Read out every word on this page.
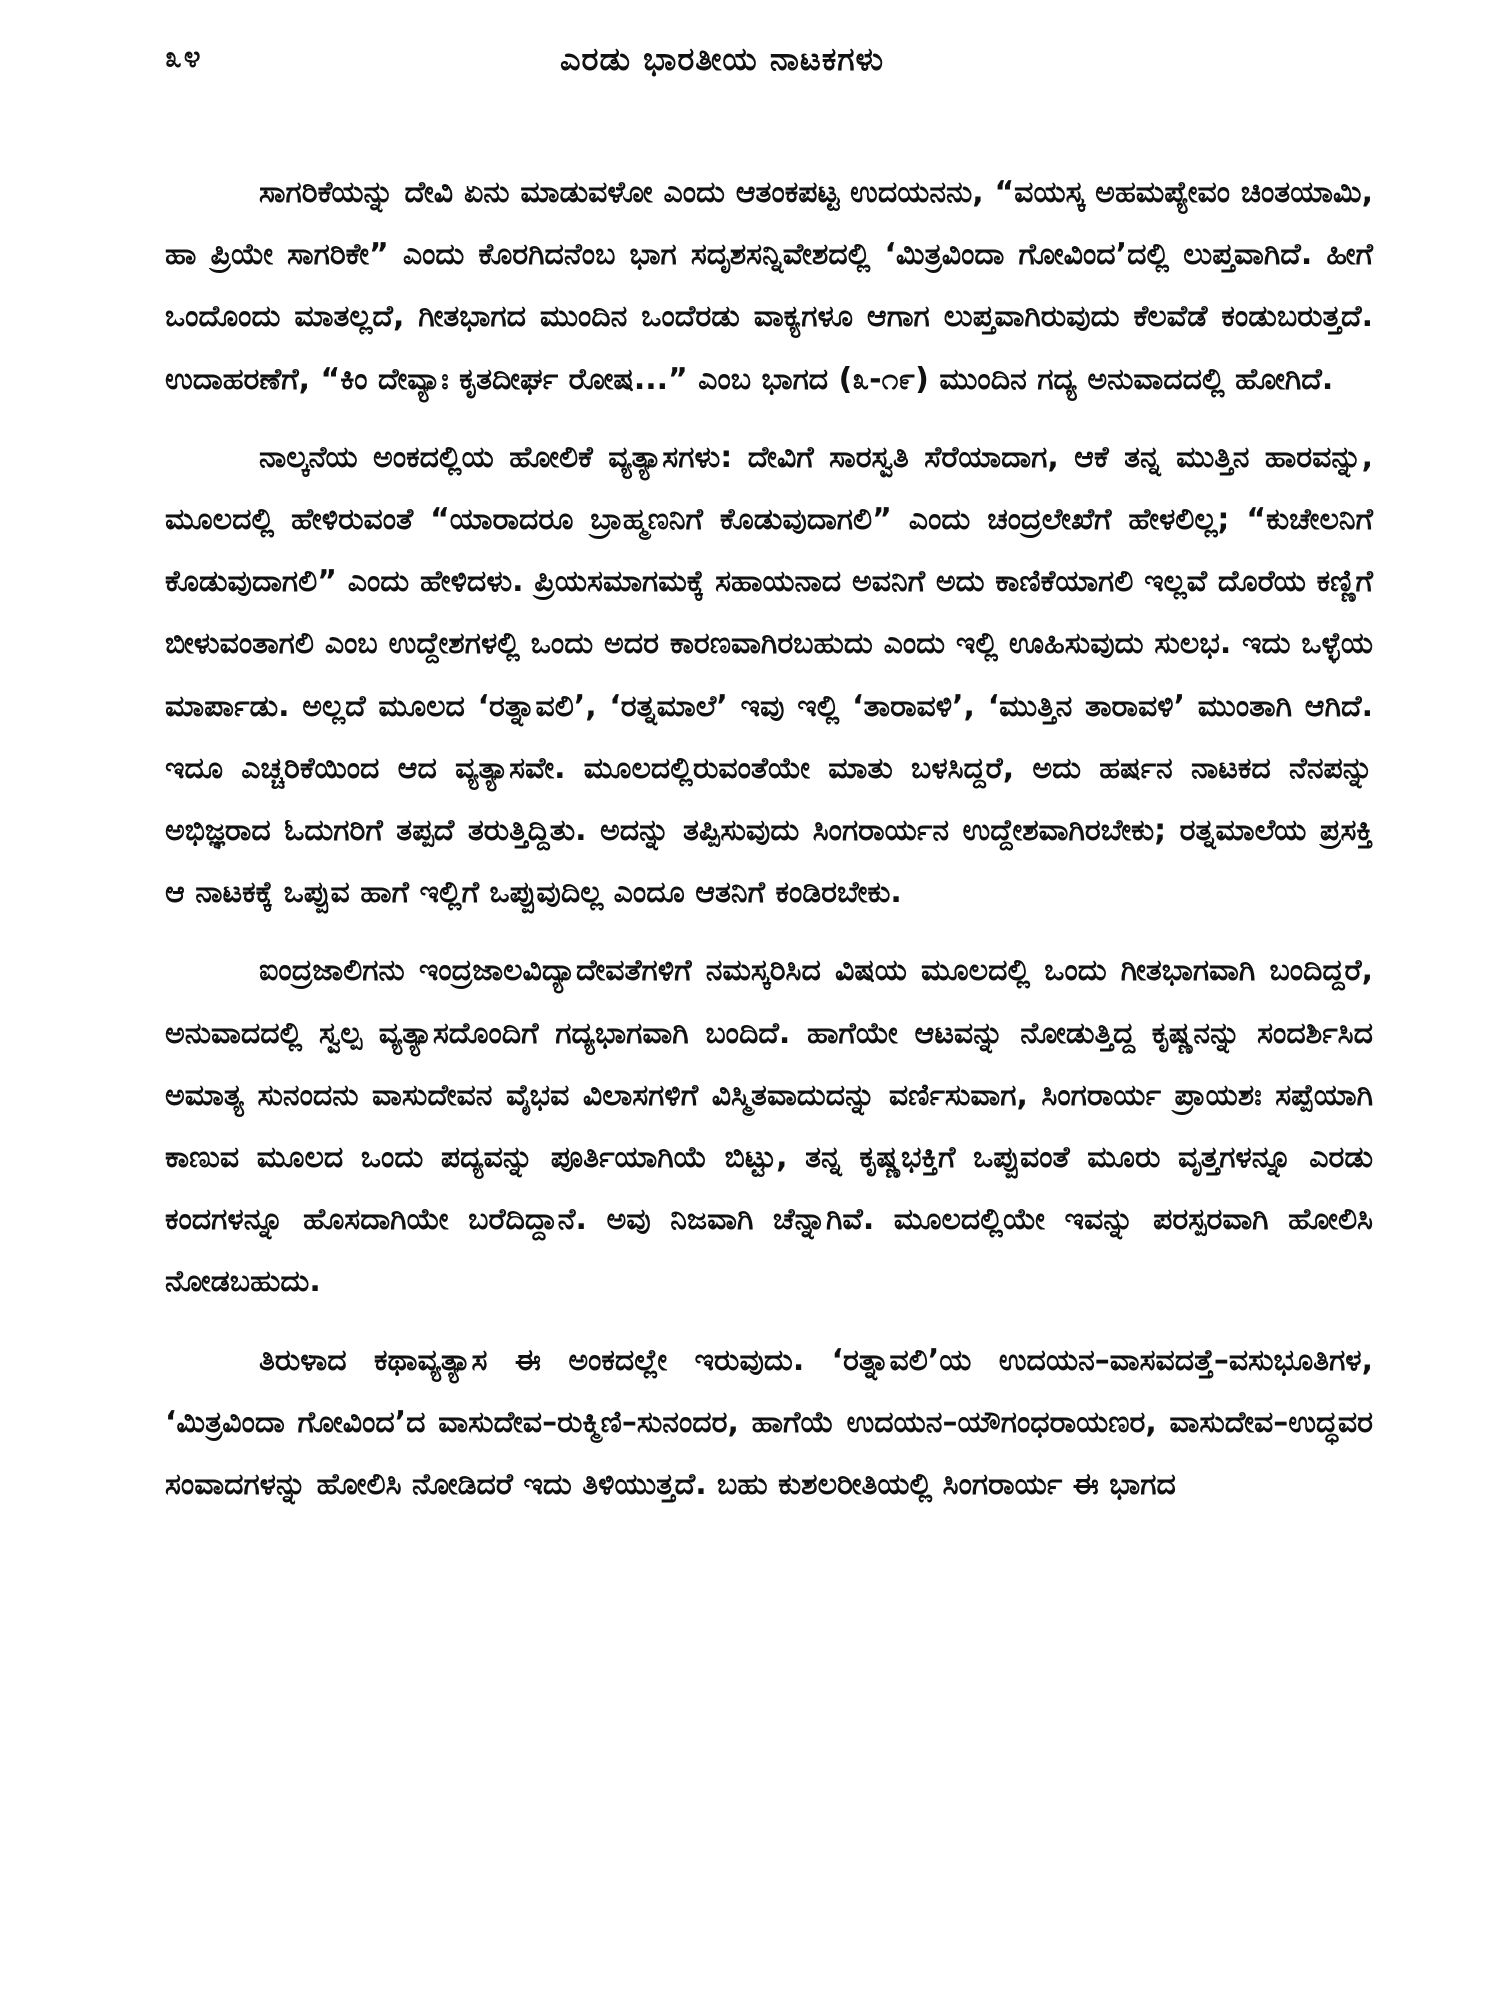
೩೪	ಎರಡು ಭಾರತೀಯ ನಾಟಕಗಳು

ಸಾಗರಿಕೆಯನ್ನು ದೇವಿ ಏನು ಮಾಡುವಳೋ ಎಂದು ಆತಂಕಪಟ್ಟ ಉದಯನನು, “ವಯಸ್ಕ ಅಹಮಪ್ಯೇವಂ ಚಿಂತಯಾಮಿ, ಹಾ ಪ್ರಿಯೇ ಸಾಗರಿಕೇ” ಎಂದು ಕೊರಗಿದನೆಂಬ ಭಾಗ ಸದೃಶಸನ್ನಿವೇಶದಲ್ಲಿ ‘ಮಿತ್ರವಿಂದಾ ಗೋವಿಂದ’ದಲ್ಲಿ ಲುಪ್ತವಾಗಿದೆ. ಹೀಗೆ ಒಂದೊಂದು ಮಾತಲ್ಲದೆ, ಗೀತಭಾಗದ ಮುಂದಿನ ಒಂದೆರಡು ವಾಕ್ಯಗಳೂ ಆಗಾಗ ಲುಪ್ತವಾಗಿರುವುದು ಕೆಲವೆಡೆ ಕಂಡುಬರುತ್ತದೆ. ಉದಾಹರಣೆಗೆ, “ಕಿಂ ದೇವ್ಯಾಃ ಕೃತದೀರ್ಘ ರೋಷ...” ಎಂಬ ಭಾಗದ (೩-೧೯) ಮುಂದಿನ ಗದ್ಯ ಅನುವಾದದಲ್ಲಿ ಹೋಗಿದೆ.

ನಾಲ್ಕನೆಯ ಅಂಕದಲ್ಲಿಯ ಹೋಲಿಕೆ ವ್ಯತ್ಯಾಸಗಳು: ದೇವಿಗೆ ಸಾರಸ್ವತಿ ಸೆರೆಯಾದಾಗ, ಆಕೆ ತನ್ನ ಮುತ್ತಿನ ಹಾರವನ್ನು, ಮೂಲದಲ್ಲಿ ಹೇಳಿರುವಂತೆ “ಯಾರಾದರೂ ಬ್ರಾಹ್ಮಣನಿಗೆ ಕೊಡುವುದಾಗಲಿ” ಎಂದು ಚಂದ್ರಲೇಖೆಗೆ ಹೇಳಲಿಲ್ಲ; “ಕುಚೇಲನಿಗೆ ಕೊಡುವುದಾಗಲಿ” ಎಂದು ಹೇಳಿದಳು. ಪ್ರಿಯಸಮಾಗಮಕ್ಕೆ ಸಹಾಯನಾದ ಅವನಿಗೆ ಅದು ಕಾಣಿಕೆಯಾಗಲಿ ಇಲ್ಲವೆ ದೊರೆಯ ಕಣ್ಣಿಗೆ ಬೀಳುವಂತಾಗಲಿ ಎಂಬ ಉದ್ದೇಶಗಳಲ್ಲಿ ಒಂದು ಅದರ ಕಾರಣವಾಗಿರಬಹುದು ಎಂದು ಇಲ್ಲಿ ಊಹಿಸುವುದು ಸುಲಭ. ಇದು ಒಳ್ಳೆಯ ಮಾರ್ಪಾಡು. ಅಲ್ಲದೆ ಮೂಲದ ‘ರತ್ನಾವಲಿ’, ‘ರತ್ನಮಾಲೆ’ ಇವು ಇಲ್ಲಿ ‘ತಾರಾವಳಿ’, ‘ಮುತ್ತಿನ ತಾರಾವಳಿ’ ಮುಂತಾಗಿ ಆಗಿದೆ. ಇದೂ ಎಚ್ಚರಿಕೆಯಿಂದ ಆದ ವ್ಯತ್ಯಾಸವೇ. ಮೂಲದಲ್ಲಿರುವಂತೆಯೇ ಮಾತು ಬಳಸಿದ್ದರೆ, ಅದು ಹರ್ಷನ ನಾಟಕದ ನೆನಪನ್ನು ಅಭಿಜ್ಞರಾದ ಓದುಗರಿಗೆ ತಪ್ಪದೆ ತರುತ್ತಿದ್ದಿತು. ಅದನ್ನು ತಪ್ಪಿಸುವುದು ಸಿಂಗರಾರ್ಯನ ಉದ್ದೇಶವಾಗಿರಬೇಕು; ರತ್ನಮಾಲೆಯ ಪ್ರಸಕ್ತಿ ಆ ನಾಟಕಕ್ಕೆ ಒಪ್ಪುವ ಹಾಗೆ ಇಲ್ಲಿಗೆ ಒಪ್ಪುವುದಿಲ್ಲ ಎಂದೂ ಆತನಿಗೆ ಕಂಡಿರಬೇಕು.

ಐಂದ್ರಜಾಲಿಗನು ಇಂದ್ರಜಾಲವಿದ್ಯಾದೇವತೆಗಳಿಗೆ ನಮಸ್ಕರಿಸಿದ ವಿಷಯ ಮೂಲದಲ್ಲಿ ಒಂದು ಗೀತಭಾಗವಾಗಿ ಬಂದಿದ್ದರೆ, ಅನುವಾದದಲ್ಲಿ ಸ್ವಲ್ಪ ವ್ಯತ್ಯಾಸದೊಂದಿಗೆ ಗದ್ಯಭಾಗವಾಗಿ ಬಂದಿದೆ. ಹಾಗೆಯೇ ಆಟವನ್ನು ನೋಡುತ್ತಿದ್ದ ಕೃಷ್ಣನನ್ನು ಸಂದರ್ಶಿಸಿದ ಅಮಾತ್ಯ ಸುನಂದನು ವಾಸುದೇವನ ವೈಭವ ವಿಲಾಸಗಳಿಗೆ ವಿಸ್ಮಿತವಾದುದನ್ನು ವರ್ಣಿಸುವಾಗ, ಸಿಂಗರಾರ್ಯ ಪ್ರಾಯಶಃ ಸಪ್ಪೆಯಾಗಿ ಕಾಣುವ ಮೂಲದ ಒಂದು ಪದ್ಯವನ್ನು ಪೂರ್ತಿಯಾಗಿಯೆ ಬಿಟ್ಟು, ತನ್ನ ಕೃಷ್ಣಭಕ್ತಿಗೆ ಒಪ್ಪುವಂತೆ ಮೂರು ವೃತ್ತಗಳನ್ನೂ ಎರಡು ಕಂದಗಳನ್ನೂ ಹೊಸದಾಗಿಯೇ ಬರೆದಿದ್ದಾನೆ. ಅವು ನಿಜವಾಗಿ ಚೆನ್ನಾಗಿವೆ. ಮೂಲದಲ್ಲಿಯೇ ಇವನ್ನು ಪರಸ್ಪರವಾಗಿ ಹೋಲಿಸಿ ನೋಡಬಹುದು.

ತಿರುಳಾದ ಕಥಾವ್ಯತ್ಯಾಸ ಈ ಅಂಕದಲ್ಲೇ ಇರುವುದು. ‘ರತ್ನಾವಲಿ’ಯ ಉದಯನ–ವಾಸವದತ್ತೆ–ವಸುಭೂತಿಗಳ, ‘ಮಿತ್ರವಿಂದಾ ಗೋವಿಂದ’ದ ವಾಸುದೇವ–ರುಕ್ಮಿಣಿ–ಸುನಂದರ, ಹಾಗೆಯೆ ಉದಯನ–ಯೌಗಂಧರಾಯಣರ, ವಾಸುದೇವ–ಉದ್ಧವರ ಸಂವಾದಗಳನ್ನು ಹೋಲಿಸಿ ನೋಡಿದರೆ ಇದು ತಿಳಿಯುತ್ತದೆ. ಬಹು ಕುಶಲರೀತಿಯಲ್ಲಿ ಸಿಂಗರಾರ್ಯ ಈ ಭಾಗದ
